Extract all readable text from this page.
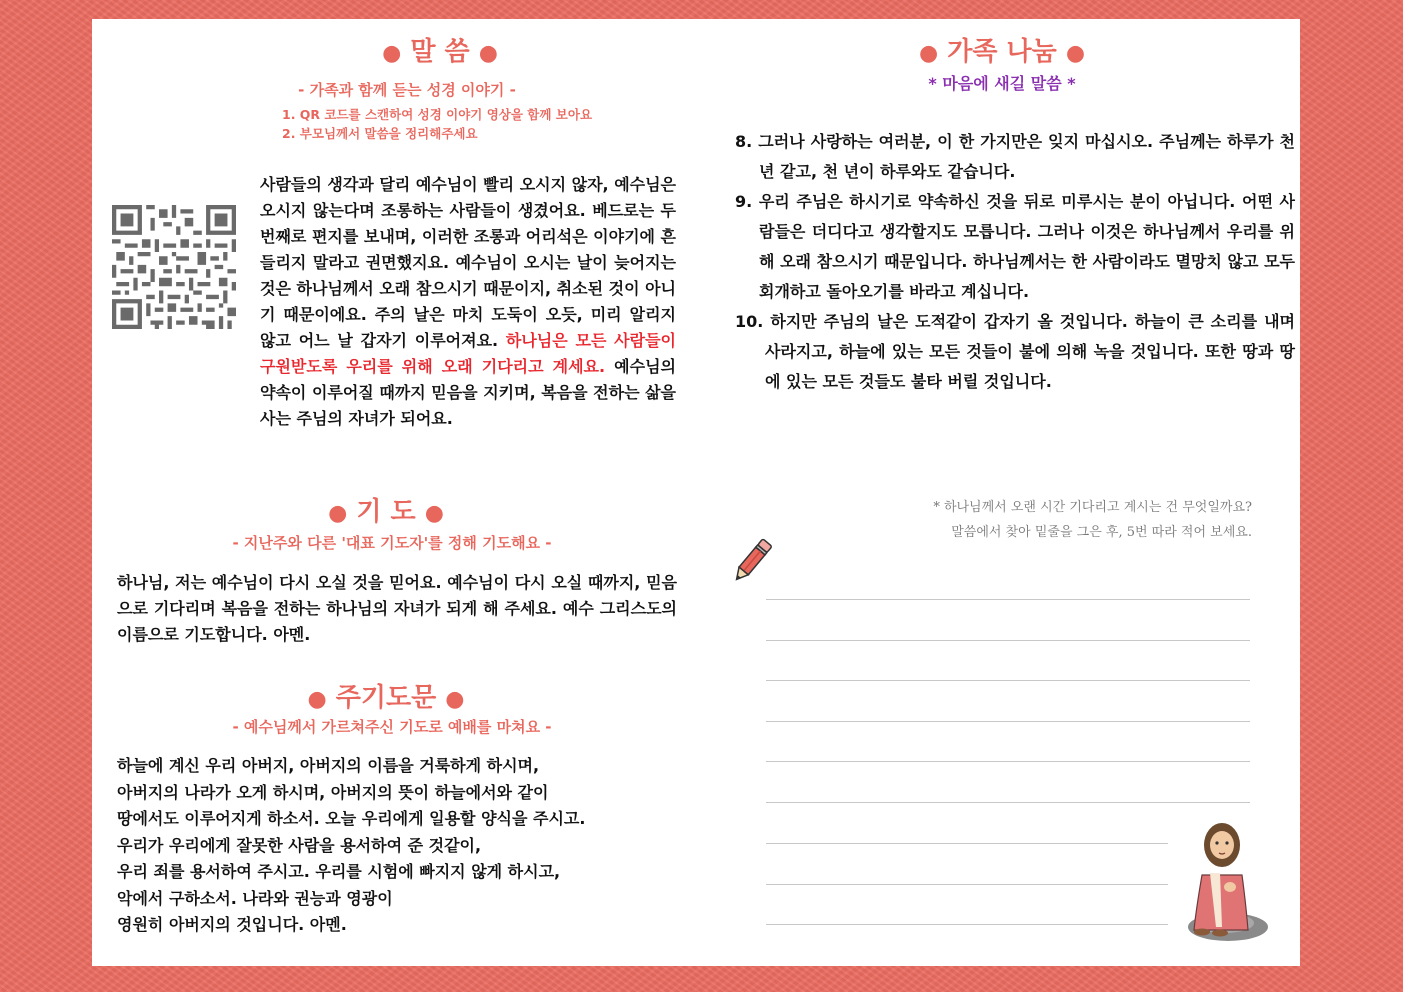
● 말 씀 ●
- 가족과 함께 듣는 성경 이야기 -
1. QR 코드를 스캔하여 성경 이야기 영상을 함께 보아요
2. 부모님께서 말씀을 정리해주세요
사람들의 생각과 달리 예수님이 빨리 오시지 않자, 예수님은 오시지 않는다며 조롱하는 사람들이 생겼어요. 베드로는 두 번째로 편지를 보내며, 이러한 조롱과 어리석은 이야기에 흔들리지 말라고 권면했지요. 예수님이 오시는 날이 늦어지는 것은 하나님께서 오래 참으시기 때문이지, 취소된 것이 아니기 때문이에요. 주의 날은 마치 도둑이 오듯, 미리 알리지 않고 어느 날 갑자기 이루어져요. 하나님은 모든 사람들이 구원받도록 우리를 위해 오래 기다리고 계세요. 예수님의 약속이 이루어질 때까지 믿음을 지키며, 복음을 전하는 삶을 사는 주님의 자녀가 되어요.
● 기 도 ●
- 지난주와 다른 '대표 기도자'를 정해 기도해요 -
하나님, 저는 예수님이 다시 오실 것을 믿어요. 예수님이 다시 오실 때까지, 믿음으로 기다리며 복음을 전하는 하나님의 자녀가 되게 해 주세요. 예수 그리스도의 이름으로 기도합니다. 아멘.
● 주기도문 ●
- 예수님께서 가르쳐주신 기도로 예배를 마쳐요 -
하늘에 계신 우리 아버지, 아버지의 이름을 거룩하게 하시며,
아버지의 나라가 오게 하시며, 아버지의 뜻이 하늘에서와 같이
땅에서도 이루어지게 하소서. 오늘 우리에게 일용할 양식을 주시고.
우리가 우리에게 잘못한 사람을 용서하여 준 것같이,
우리 죄를 용서하여 주시고. 우리를 시험에 빠지지 않게 하시고,
악에서 구하소서. 나라와 권능과 영광이
영원히 아버지의 것입니다. 아멘.
● 가족 나눔 ●
* 마음에 새길 말씀 *

8. 그러나 사랑하는 여러분, 이 한 가지만은 잊지 마십시오. 주님께는 하루가 천 년 같고, 천 년이 하루와도 같습니다.

9. 우리 주님은 하시기로 약속하신 것을 뒤로 미루시는 분이 아닙니다. 어떤 사람들은 더디다고 생각할지도 모릅니다. 그러나 이것은 하나님께서 우리를 위해 오래 참으시기 때문입니다. 하나님께서는 한 사람이라도 멸망치 않고 모두 회개하고 돌아오기를 바라고 계십니다.

10. 하지만 주님의 날은 도적같이 갑자기 올 것입니다. 하늘이 큰 소리를 내며 사라지고, 하늘에 있는 모든 것들이 불에 의해 녹을 것입니다. 또한 땅과 땅에 있는 모든 것들도 불타 버릴 것입니다.

* 하나님께서 오랜 시간 기다리고 계시는 건 무엇일까요?
말씀에서 찾아 밑줄을 그은 후, 5번 따라 적어 보세요.
